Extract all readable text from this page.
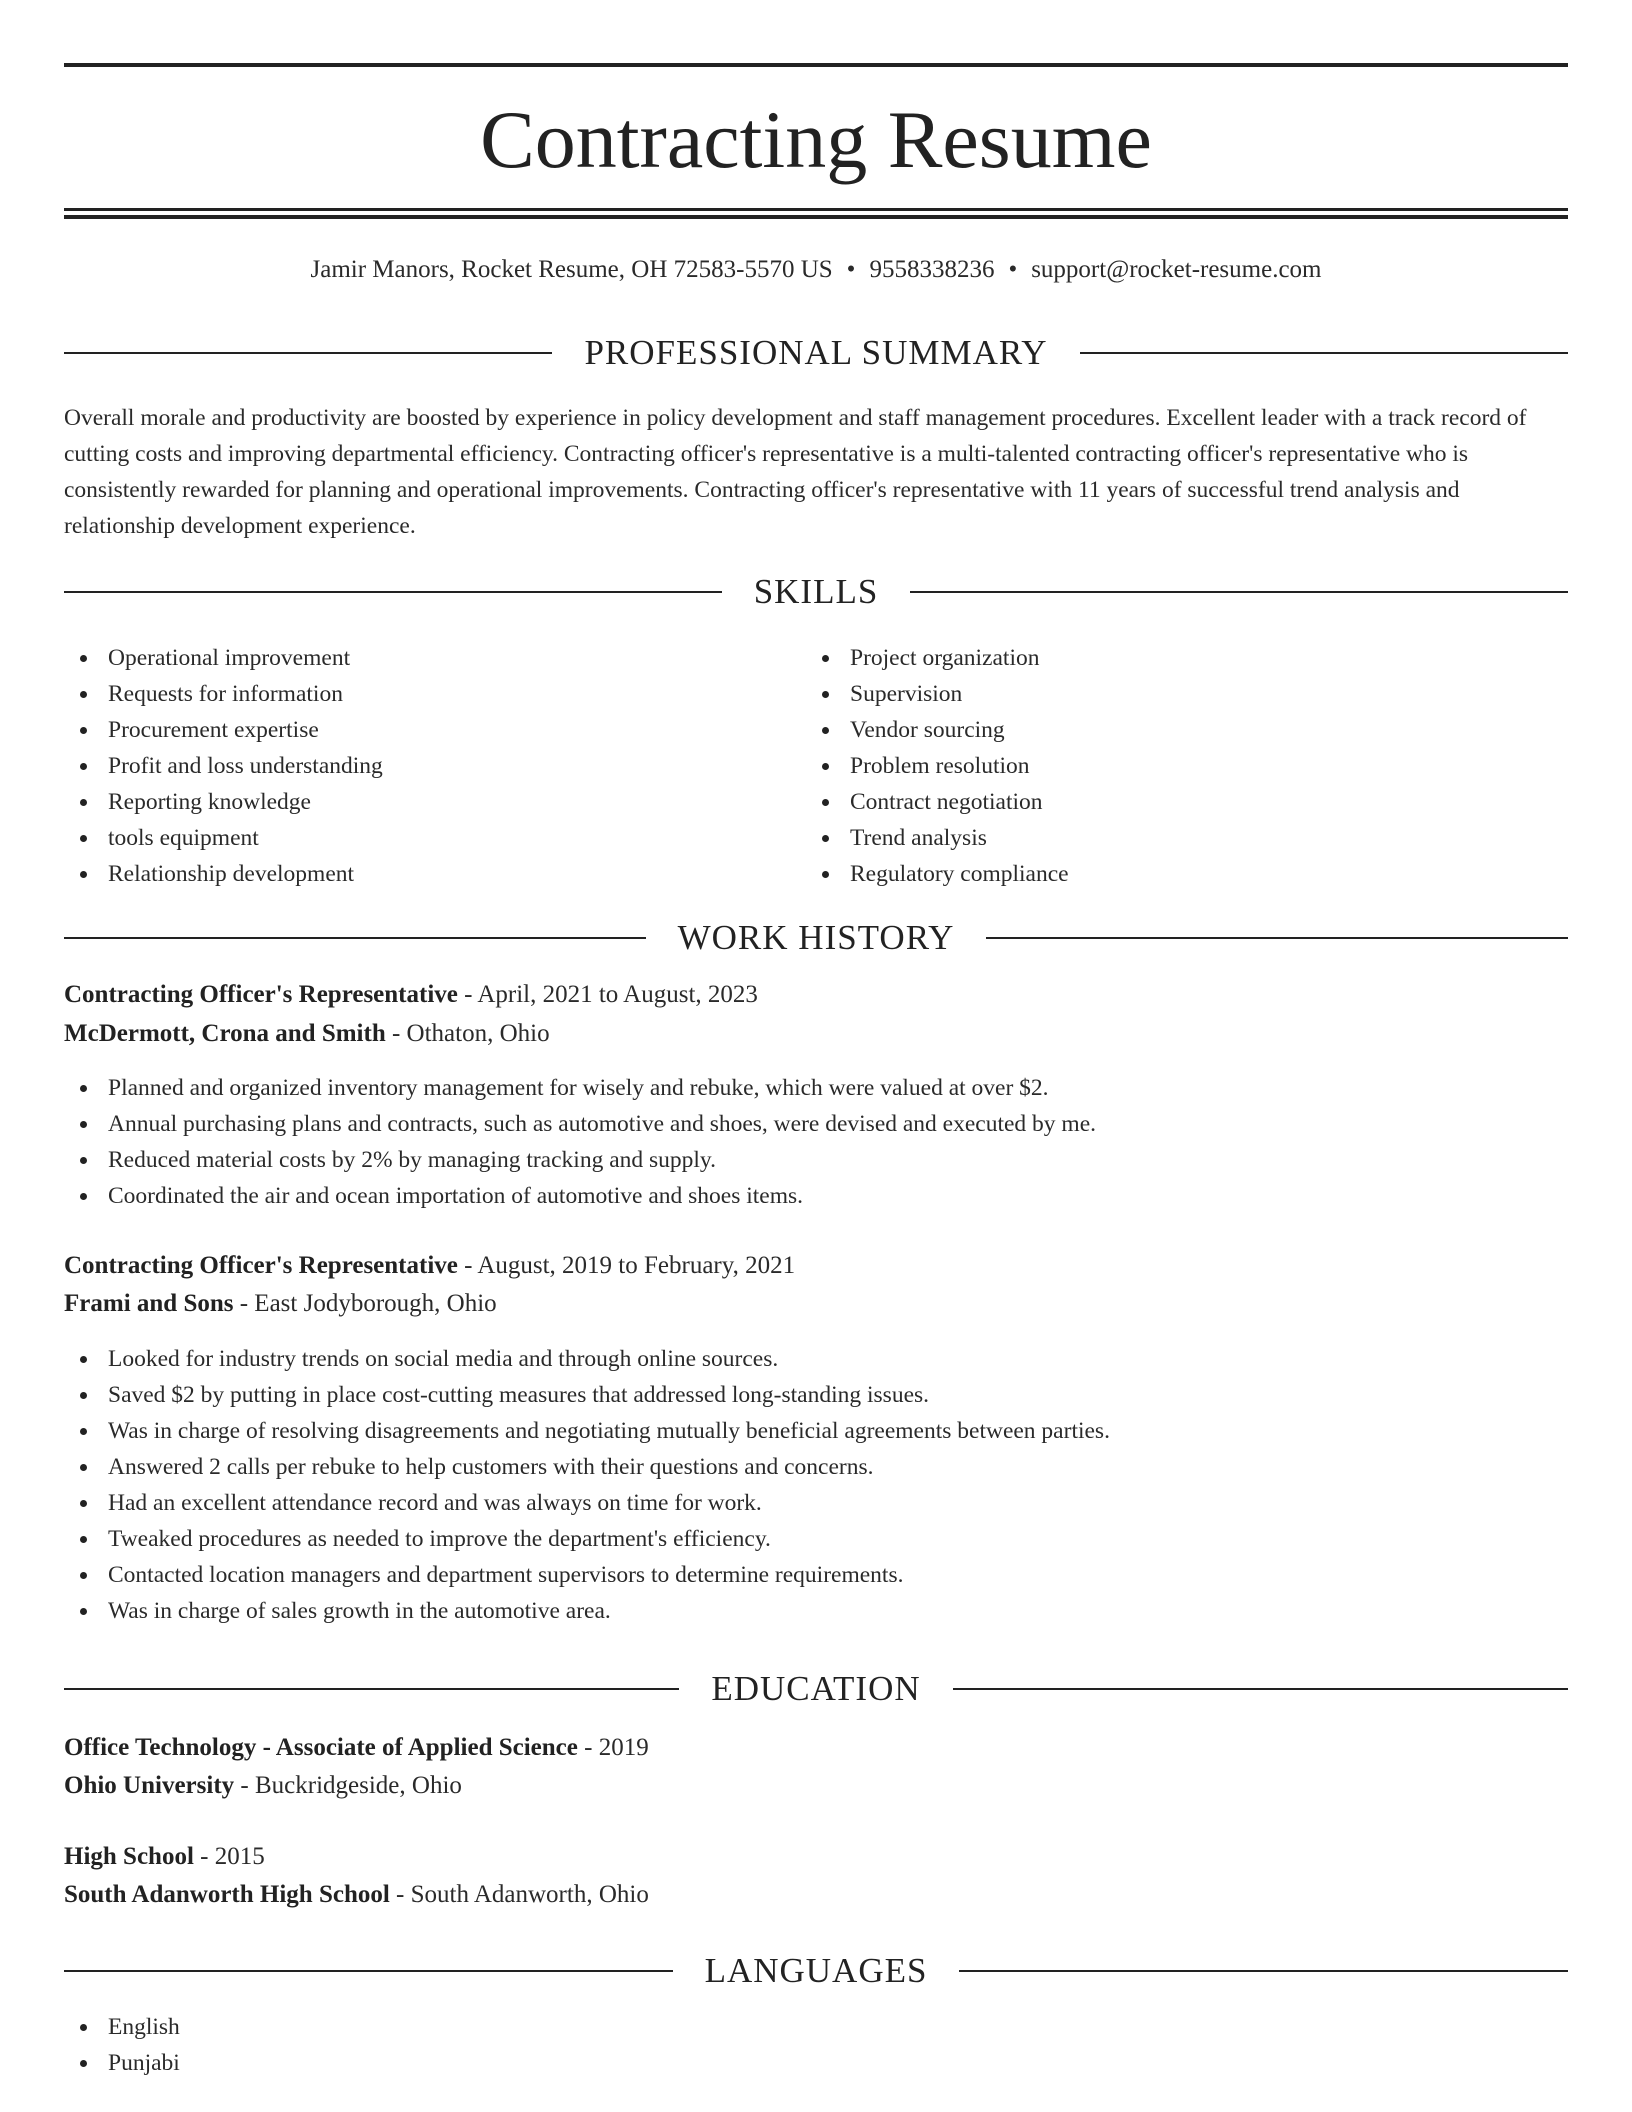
Contracting Resume
Jamir Manors, Rocket Resume, OH 72583-5570 US • 9558338236 • support@rocket-resume.com
PROFESSIONAL SUMMARY

Overall morale and productivity are boosted by experience in policy development and staff management procedures. Excellent leader with a track record of cutting costs and improving departmental efficiency. Contracting officer's representative is a multi-talented contracting officer's representative who is consistently rewarded for planning and operational improvements. Contracting officer's representative with 11 years of successful trend analysis and relationship development experience.

SKILLS
Operational improvement
Requests for information
Procurement expertise
Profit and loss understanding
Reporting knowledge
tools equipment
Relationship development
Project organization
Supervision
Vendor sourcing
Problem resolution
Contract negotiation
Trend analysis
Regulatory compliance
WORK HISTORY
Contracting Officer's Representative - April, 2021 to August, 2023
McDermott, Crona and Smith - Othaton, Ohio
Planned and organized inventory management for wisely and rebuke, which were valued at over $2.
Annual purchasing plans and contracts, such as automotive and shoes, were devised and executed by me.
Reduced material costs by 2% by managing tracking and supply.
Coordinated the air and ocean importation of automotive and shoes items.
Contracting Officer's Representative - August, 2019 to February, 2021
Frami and Sons - East Jodyborough, Ohio
Looked for industry trends on social media and through online sources.
Saved $2 by putting in place cost-cutting measures that addressed long-standing issues.
Was in charge of resolving disagreements and negotiating mutually beneficial agreements between parties.
Answered 2 calls per rebuke to help customers with their questions and concerns.
Had an excellent attendance record and was always on time for work.
Tweaked procedures as needed to improve the department's efficiency.
Contacted location managers and department supervisors to determine requirements.
Was in charge of sales growth in the automotive area.
EDUCATION
Office Technology - Associate of Applied Science - 2019
Ohio University - Buckridgeside, Ohio
High School - 2015
South Adanworth High School - South Adanworth, Ohio
LANGUAGES
English
Punjabi
